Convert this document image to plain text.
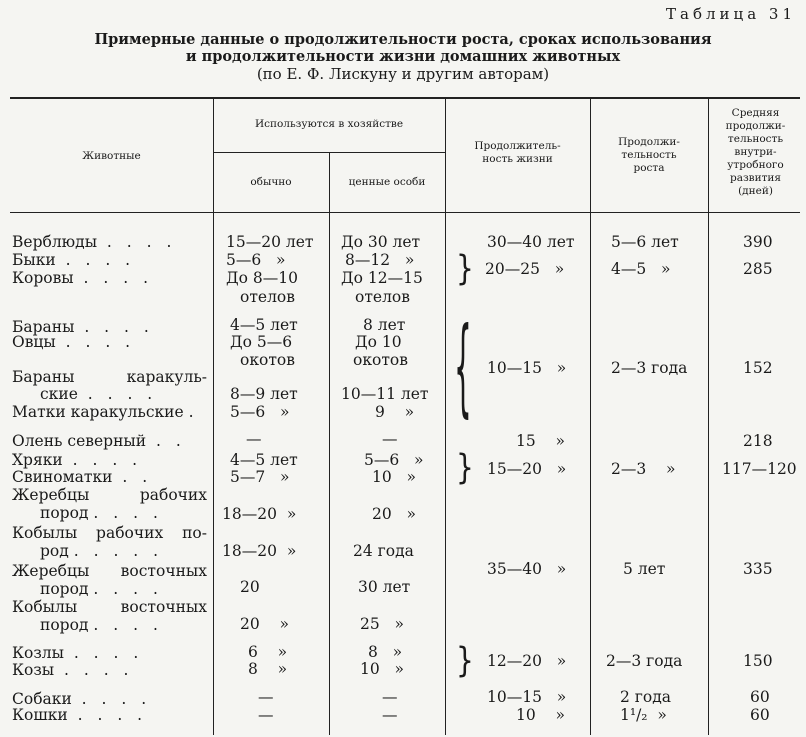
Таблица 31
Примерные данные о продолжительности роста, сроках использования
и продолжительности жизни домашних животных
(по Е. Ф. Лискуну и другим авторам)
Животные
Используются в хозяйстве
обычно	ценные особи
Продолжитель-
ность жизни
Продолжи-
тельность
роста
Средняя
продолжи-
тельность
внутри-
утробного
развития
(дней)
Верблюды . . . .
Быки . . . .
Коровы . . . .
Бараны . . . .
Овцы . . . .
Бараны каракуль-
ские . . . .
Матки каракульские .
Олень северный . .
Хряки . . . .
Свиноматки . .
Жеребцы рабочих
пород . . . .
Кобылы рабочих по-
род . . . . .
Жеребцы восточных
пород . . . .
Кобылы восточных
пород . . . .
Козлы . . . .
Козы . . . .
Собаки . . . .
Кошки . . . .
15—20 лет
5—6 »
До 8—10
отелов
4—5 лет
До 5—6
окотов
8—9 лет
5—6 »
—
4—5 лет
5—7 »
18—20 »
18—20 »
20
20 »
6 »
8 »
—
—
До 30 лет
8—12 »
До 12—15
отелов
8 лет
До 10
окотов
10—11 лет
9 »
—
5—6 »
10 »
20 »
24 года
30 лет
25 »
8 »
10 »
—
—
}
{
}
}
30—40 лет
20—25 »
10—15 »
15 »
15—20 »
35—40 »
12—20 »
10—15 »
10 »
5—6 лет
4—5 »
2—3 года
2—3 »
5 лет
2—3 года
2 года
1¹/₂ »
390
285
152
218
117—120
335
150
60
60
